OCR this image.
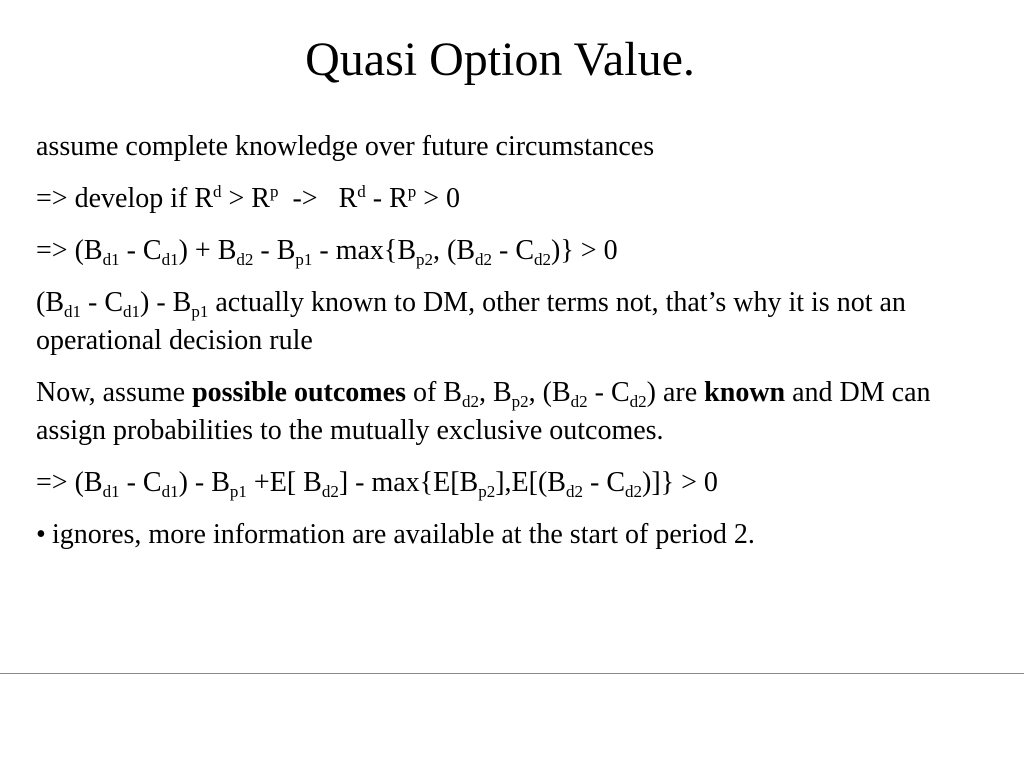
Quasi Option Value.
assume complete knowledge over future circumstances
=> develop if $R^d > R^p -> R^d - R^p > 0$
=> $(B_{d1} - C_{d1}) + B_{d2} - B_{p1} - \max\{B_{p2}$, $(B_{d2} - C_{d2})\} > 0$
$(B_{d1} - C_{d1}) - B_{p1}$ actually known to DM, other terms not, that’s why it is not an operational decision rule
Now, assume possible outcomes of $B_{d2}$, $B_{p2}$, $(B_{d2} - C_{d2})$ are known and DM can assign probabilities to the mutually exclusive outcomes.
=> $(B_{d1} - C_{d1}) - B_{p1} +E$[ $B_{d2}] - \max\{E[B_{p2}],E[(B_{d2} - C_{d2})]\} > 0$
• ignores, more information are available at the start of period 2.
